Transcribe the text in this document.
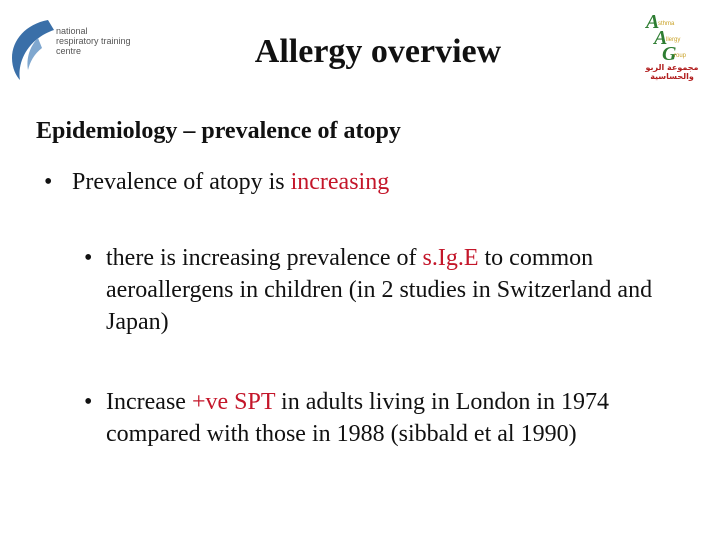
national
respiratory training centre
A
sthma
A
llergy
G
roup
مجموعة الربو والحساسية
Allergy overview
Epidemiology – prevalence of atopy
• Prevalence of atopy is increasing
• there is increasing prevalence of s.Ig.E to common aeroallergens in children (in 2 studies in Switzerland and Japan)
• Increase +ve SPT in adults living in London in 1974 compared with those in 1988 (sibbald et al 1990)
